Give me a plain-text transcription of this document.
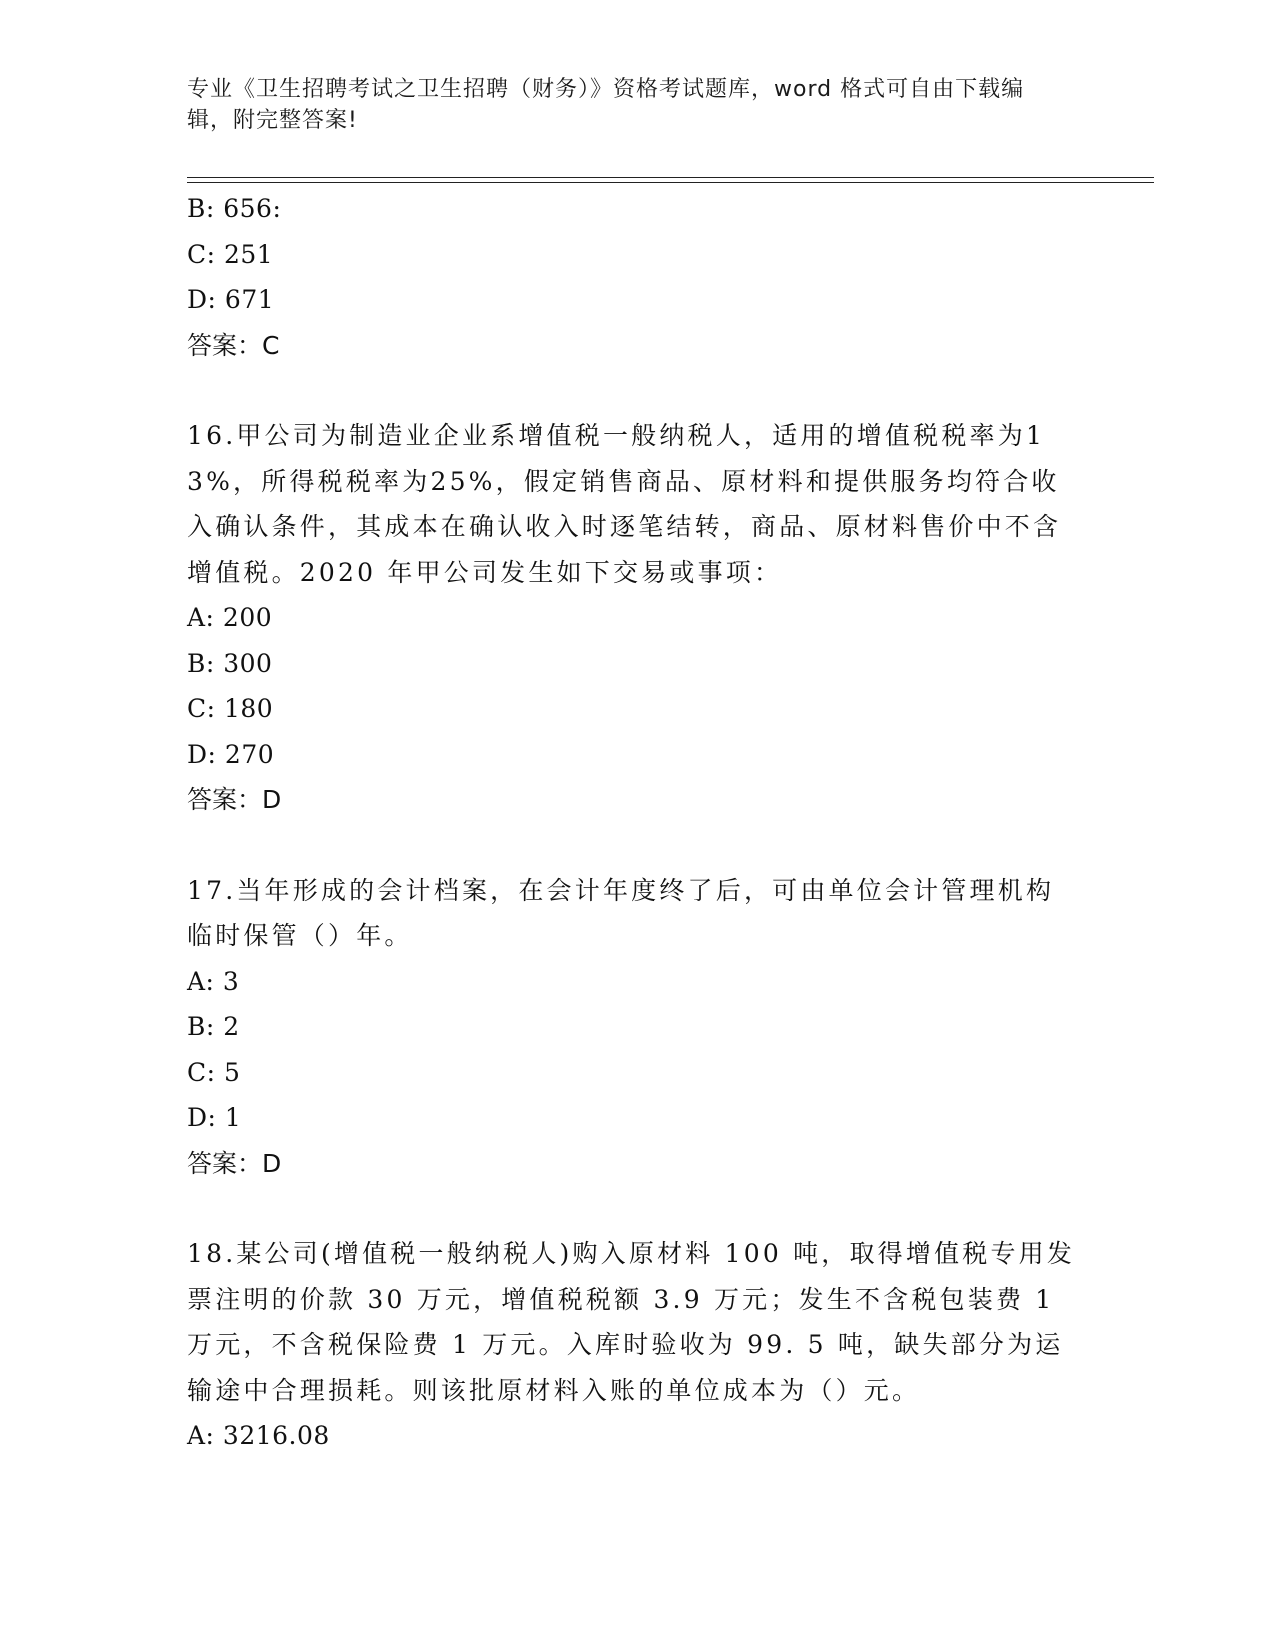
专业《卫生招聘考试之卫生招聘（财务）》资格考试题库，word 格式可自由下载编辑，附完整答案!
B: 656:
C: 251
D: 671
答案：C
16.甲公司为制造业企业系增值税一般纳税人，适用的增值税税率为13%，所得税税率为25%，假定销售商品、原材料和提供服务均符合收入确认条件，其成本在确认收入时逐笔结转，商品、原材料售价中不含增值税。2020 年甲公司发生如下交易或事项：
A: 200
B: 300
C: 180
D: 270
答案：D
17.当年形成的会计档案，在会计年度终了后，可由单位会计管理机构临时保管（）年。
A: 3
B: 2
C: 5
D: 1
答案：D
18.某公司(增值税一般纳税人)购入原材料 100 吨，取得增值税专用发票注明的价款 30 万元，增值税税额 3.9 万元；发生不含税包装费 1 万元，不含税保险费 1 万元。入库时验收为 99. 5 吨，缺失部分为运输途中合理损耗。则该批原材料入账的单位成本为（）元。
A: 3216.08
